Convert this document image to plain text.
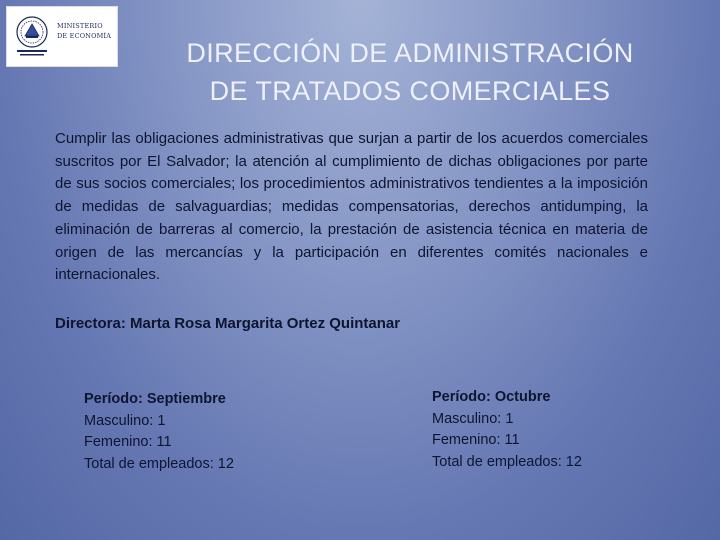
MINISTERIO
DE ECONOMÍA
DIRECCIÓN DE ADMINISTRACIÓN
DE TRATADOS COMERCIALES

Cumplir las obligaciones administrativas que surjan a partir de los acuerdos comerciales suscritos por El Salvador; la atención al cumplimiento de dichas obligaciones por parte de sus socios comerciales; los procedimientos administrativos tendientes a la imposición de medidas de salvaguardias; medidas compensatorias, derechos antidumping, la eliminación de barreras al comercio, la prestación de asistencia técnica en materia de origen de las mercancías y la participación en diferentes comités nacionales e internacionales.

Directora: Marta Rosa Margarita Ortez Quintanar

Período: Septiembre
Masculino: 1
Femenino: 11
Total de empleados: 12
Período: Octubre
Masculino: 1
Femenino: 11
Total de empleados: 12
